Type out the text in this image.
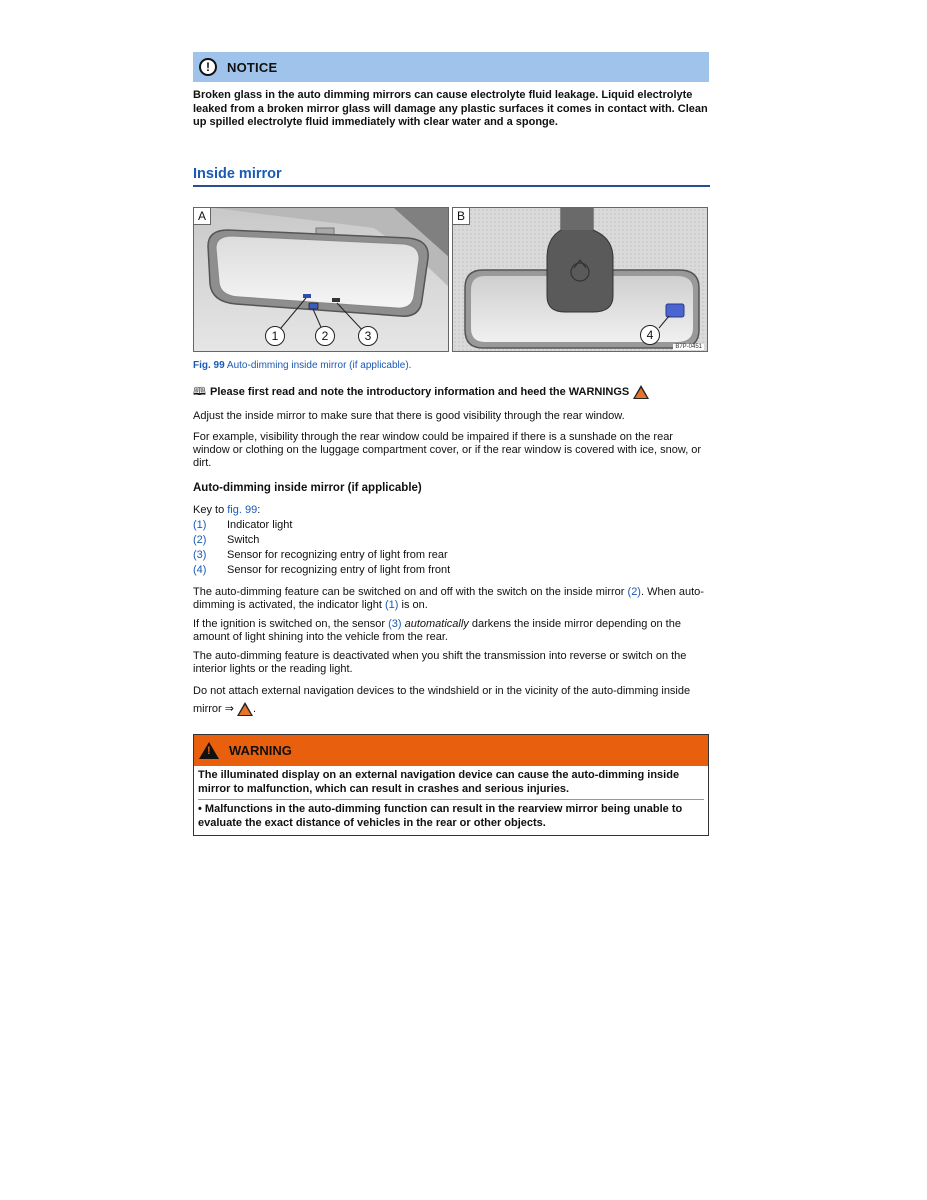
!	NOTICE
Broken glass in the auto dimming mirrors can cause electrolyte fluid leakage. Liquid electrolyte leaked from a broken mirror glass will damage any plastic surfaces it comes in contact with. Clean up spilled electrolyte fluid immediately with clear water and a sponge.
Inside mirror
A
1	2	3
B
4
B7P-0451
Fig. 99 Auto-dimming inside mirror (if applicable).
🕮 Please first read and note the introductory information and heed the WARNINGS

Adjust the inside mirror to make sure that there is good visibility through the rear window.

For example, visibility through the rear window could be impaired if there is a sunshade on the rear window or clothing on the luggage compartment cover, or if the rear window is covered with ice, snow, or dirt.

Auto-dimming inside mirror (if applicable)
Key to fig. 99:
(1)	Indicator light
(2)	Switch
(3)	Sensor for recognizing entry of light from rear
(4)	Sensor for recognizing entry of light from front

The auto-dimming feature can be switched on and off with the switch on the inside mirror (2). When auto-dimming is activated, the indicator light (1) is on.

If the ignition is switched on, the sensor (3) automatically darkens the inside mirror depending on the amount of light shining into the vehicle from the rear.

The auto-dimming feature is deactivated when you shift the transmission into reverse or switch on the interior lights or the reading light.

Do not attach external navigation devices to the windshield or in the vicinity of the auto-dimming inside mirror ⇒ .

! WARNING
The illuminated display on an external navigation device can cause the auto-dimming inside mirror to malfunction, which can result in crashes and serious injuries.
• Malfunctions in the auto-dimming function can result in the rearview mirror being unable to evaluate the exact distance of vehicles in the rear or other objects.
